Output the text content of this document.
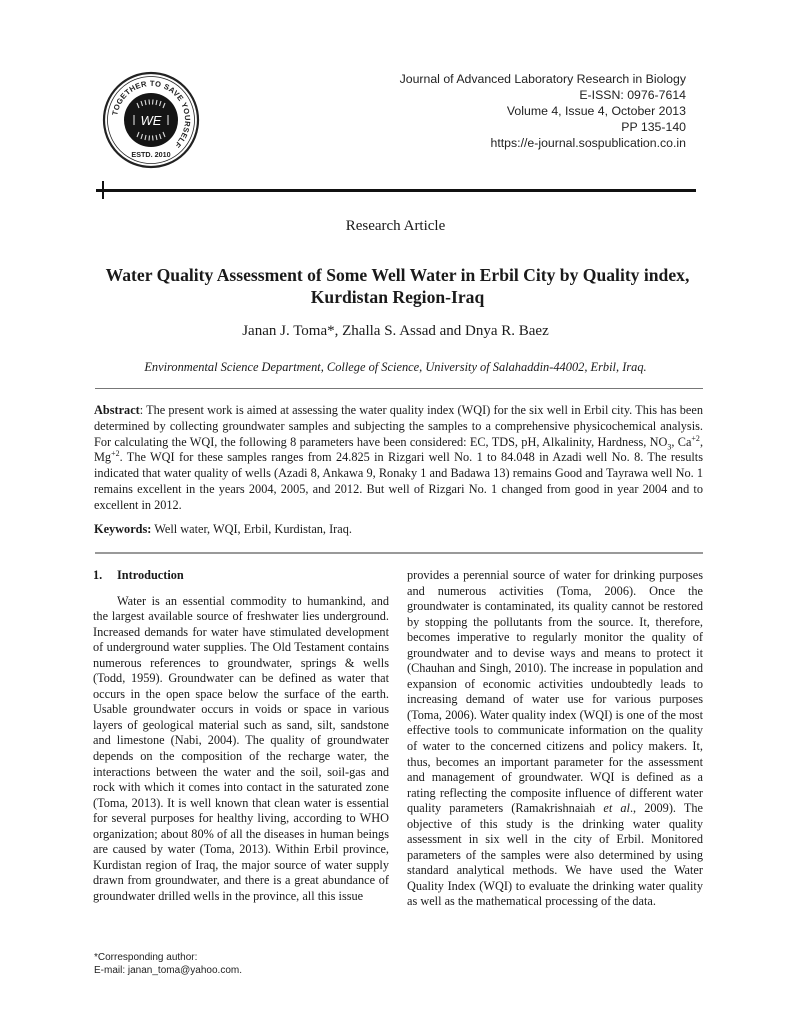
WE
TOGETHER TO SAVE YOURSELF
ESTD. 2010
Journal of Advanced Laboratory Research in Biology
E-ISSN: 0976-7614
Volume 4, Issue 4, October 2013
PP 135-140
https://e-journal.sospublication.co.in
Research Article
Water Quality Assessment of Some Well Water in Erbil City by Quality index, Kurdistan Region-Iraq
Janan J. Toma*, Zhalla S. Assad and Dnya R. Baez
Environmental Science Department, College of Science, University of Salahaddin-44002, Erbil, Iraq.
Abstract: The present work is aimed at assessing the water quality index (WQI) for the six well in Erbil city. This has been determined by collecting groundwater samples and subjecting the samples to a comprehensive physicochemical analysis. For calculating the WQI, the following 8 parameters have been considered: EC, TDS, pH, Alkalinity, Hardness, $NO_3$, $Ca^{+2}$, $Mg^{+2}$. The WQI for these samples ranges from 24.825 in Rizgari well No. 1 to 84.048 in Azadi well No. 8. The results indicated that water quality of wells (Azadi 8, Ankawa 9, Ronaky 1 and Badawa 13) remains Good and Tayrawa well No. 1 remains excellent in the years 2004, 2005, and 2012. But well of Rizgari No. 1 changed from good in year 2004 and to excellent in 2012.
Keywords: Well water, WQI, Erbil, Kurdistan, Iraq.

1. Introduction

Water is an essential commodity to humankind, and the largest available source of freshwater lies underground. Increased demands for water have stimulated development of underground water supplies. The Old Testament contains numerous references to groundwater, springs & wells (Todd, 1959). Groundwater can be defined as water that occurs in the open space below the surface of the earth. Usable groundwater occurs in voids or space in various layers of geological material such as sand, silt, sandstone and limestone (Nabi, 2004). The quality of groundwater depends on the composition of the recharge water, the interactions between the water and the soil, soil-gas and rock with which it comes into contact in the saturated zone (Toma, 2013). It is well known that clean water is essential for several purposes for healthy living, according to WHO organization; about 80% of all the diseases in human beings are caused by water (Toma, 2013). Within Erbil province, Kurdistan region of Iraq, the major source of water supply drawn from groundwater, and there is a great abundance of groundwater drilled wells in the province, all this issue

provides a perennial source of water for drinking purposes and numerous activities (Toma, 2006). Once the groundwater is contaminated, its quality cannot be restored by stopping the pollutants from the source. It, therefore, becomes imperative to regularly monitor the quality of groundwater and to devise ways and means to protect it (Chauhan and Singh, 2010). The increase in population and expansion of economic activities undoubtedly leads to increasing demand of water use for various purposes (Toma, 2006). Water quality index (WQI) is one of the most effective tools to communicate information on the quality of water to the concerned citizens and policy makers. It, thus, becomes an important parameter for the assessment and management of groundwater. WQI is defined as a rating reflecting the composite influence of different water quality parameters (Ramakrishnaiah et al., 2009). The objective of this study is the drinking water quality assessment in six well in the city of Erbil. Monitored parameters of the samples were also determined by using standard analytical methods. We have used the Water Quality Index (WQI) to evaluate the drinking water quality as well as the mathematical processing of the data.

*Corresponding author:
E-mail: janan_toma@yahoo.com.
